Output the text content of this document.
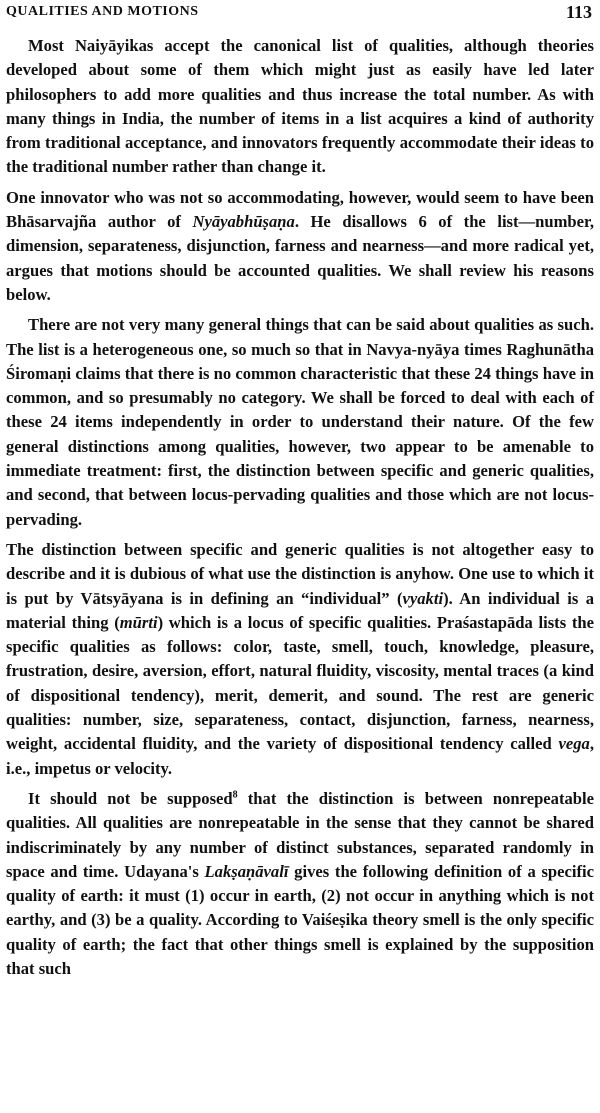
QUALITIES AND MOTIONS	113

Most Naiyāyikas accept the canonical list of qualities, although theories developed about some of them which might just as easily have led later philosophers to add more qualities and thus increase the total number. As with many things in India, the number of items in a list acquires a kind of authority from traditional acceptance, and innovators frequently accommodate their ideas to the traditional number rather than change it.

One innovator who was not so accommodating, however, would seem to have been Bhāsarvajña author of Nyāyabhūṣaṇa. He disallows 6 of the list—number, dimension, separateness, disjunction, farness and nearness—and more radical yet, argues that motions should be accounted qualities. We shall review his reasons below.

There are not very many general things that can be said about qualities as such. The list is a heterogeneous one, so much so that in Navya-nyāya times Raghunātha Śiromaṇi claims that there is no common characteristic that these 24 things have in common, and so presumably no category. We shall be forced to deal with each of these 24 items independently in order to understand their nature. Of the few general distinctions among qualities, however, two appear to be amenable to immediate treatment: first, the distinction between specific and generic qualities, and second, that between locus-pervading qualities and those which are not locus-pervading.

The distinction between specific and generic qualities is not altogether easy to describe and it is dubious of what use the distinction is anyhow. One use to which it is put by Vātsyāyana is in defining an “individual” (vyakti). An individual is a material thing (mūrti) which is a locus of specific qualities. Praśastapāda lists the specific qualities as follows: color, taste, smell, touch, knowledge, pleasure, frustration, desire, aversion, effort, natural fluidity, viscosity, mental traces (a kind of dispositional tendency), merit, demerit, and sound. The rest are generic qualities: number, size, separateness, contact, disjunction, farness, nearness, weight, accidental fluidity, and the variety of dispositional tendency called vega, i.e., impetus or velocity.

It should not be supposed$^8$ that the distinction is between nonrepeatable qualities. All qualities are nonrepeatable in the sense that they cannot be shared indiscriminately by any number of distinct substances, separated randomly in space and time. Udayana's Lakṣaṇāvalī gives the following definition of a specific quality of earth: it must (1) occur in earth, (2) not occur in anything which is not earthy, and (3) be a quality. According to Vaiśeṣika theory smell is the only specific quality of earth; the fact that other things smell is explained by the supposition that such
